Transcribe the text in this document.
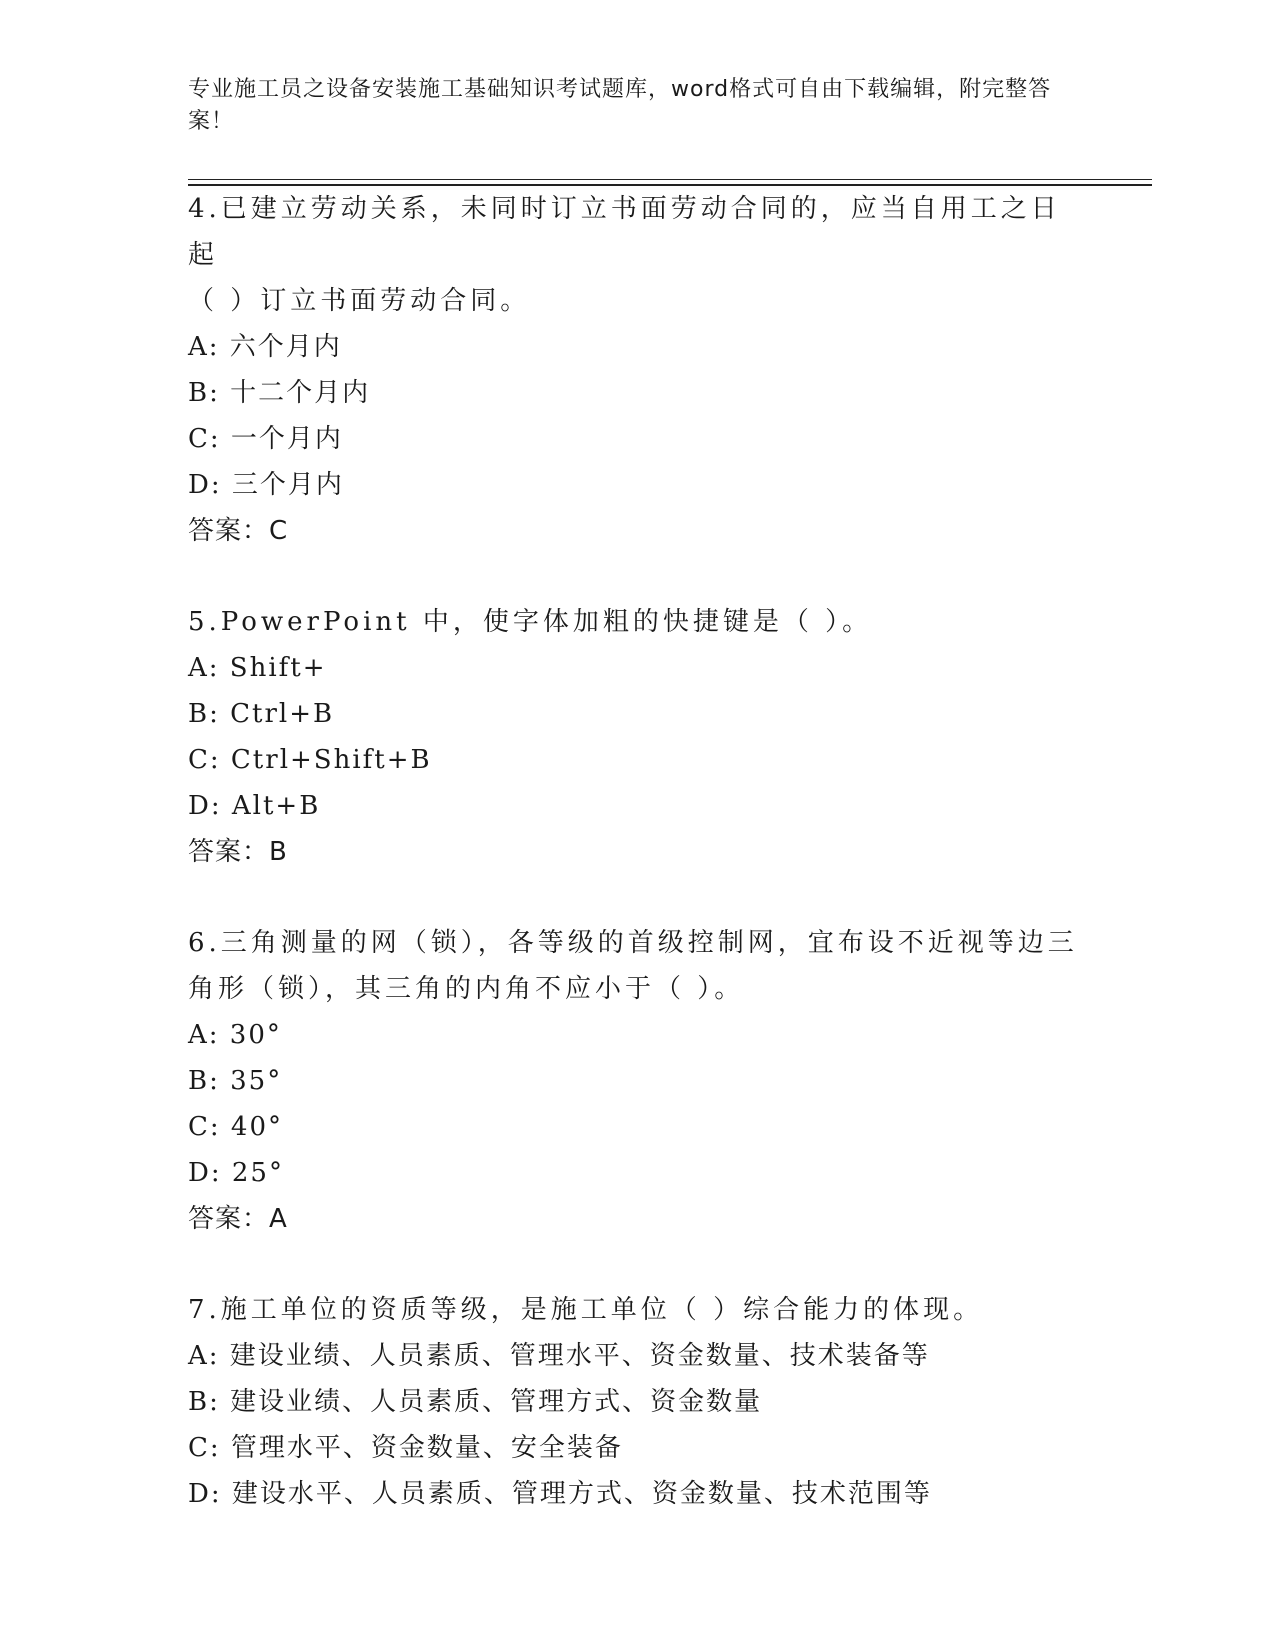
专业施工员之设备安装施工基础知识考试题库，word格式可自由下载编辑，附完整答案！
4.已建立劳动关系，未同时订立书面劳动合同的，应当自用工之日起
（ ）订立书面劳动合同。
A: 六个月内
B: 十二个月内
C: 一个月内
D: 三个月内
答案：C
5.PowerPoint 中，使字体加粗的快捷键是（ ）。
A: Shift+
B: Ctrl+B
C: Ctrl+Shift+B
D: Alt+B
答案：B
6.三角测量的网（锁），各等级的首级控制网，宜布设不近视等边三
角形（锁），其三角的内角不应小于（ ）。
A: 30°
B: 35°
C: 40°
D: 25°
答案：A
7.施工单位的资质等级，是施工单位（ ）综合能力的体现。
A: 建设业绩、人员素质、管理水平、资金数量、技术装备等
B: 建设业绩、人员素质、管理方式、资金数量
C: 管理水平、资金数量、安全装备
D: 建设水平、人员素质、管理方式、资金数量、技术范围等
